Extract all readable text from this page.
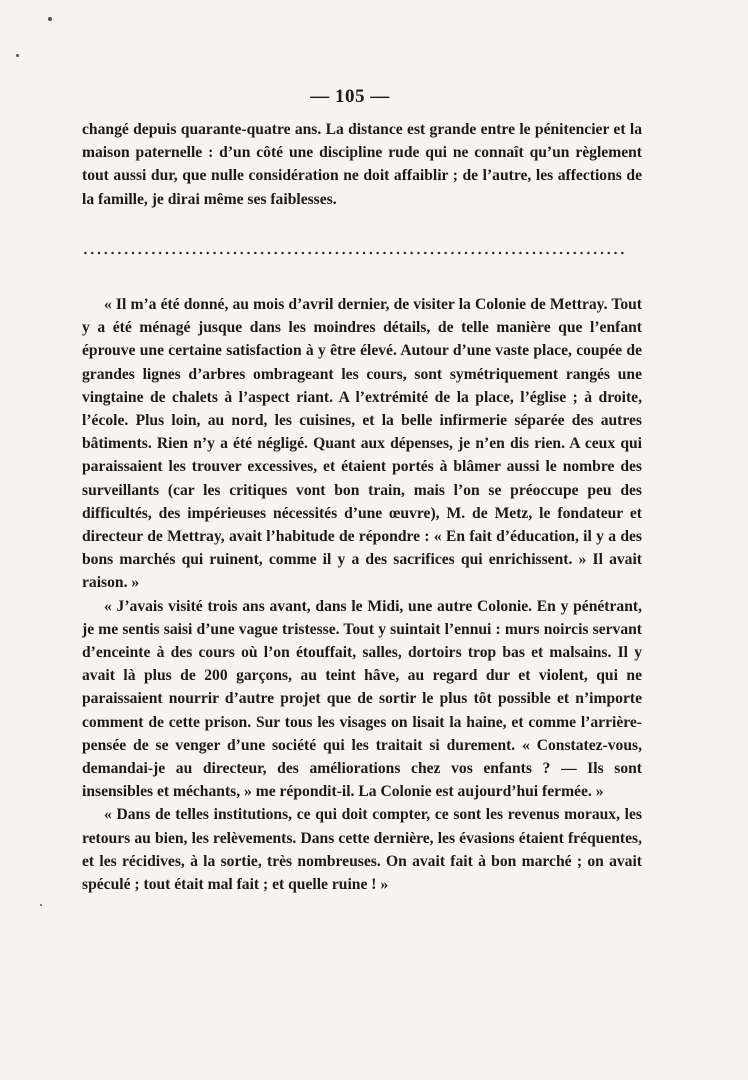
— 105 —

changé depuis quarante-quatre ans. La distance est grande entre le pénitencier et la maison paternelle : d’un côté une discipline rude qui ne connaît qu’un règlement tout aussi dur, que nulle considération ne doit affaiblir ; de l’autre, les affections de la famille, je dirai même ses faiblesses.

« Il m’a été donné, au mois d’avril dernier, de visiter la Colonie de Mettray. Tout y a été ménagé jusque dans les moindres détails, de telle manière que l’enfant éprouve une certaine satisfaction à y être élevé. Autour d’une vaste place, coupée de grandes lignes d’arbres ombrageant les cours, sont symétriquement rangés une vingtaine de chalets à l’aspect riant. A l’extrémité de la place, l’église ; à droite, l’école. Plus loin, au nord, les cuisines, et la belle infirmerie séparée des autres bâtiments. Rien n’y a été négligé. Quant aux dépenses, je n’en dis rien. A ceux qui paraissaient les trouver excessives, et étaient portés à blâmer aussi le nombre des surveillants (car les critiques vont bon train, mais l’on se préoccupe peu des difficultés, des impérieuses nécessités d’une œuvre), M. de Metz, le fondateur et directeur de Mettray, avait l’habitude de répondre : « En fait d’éducation, il y a des bons marchés qui ruinent, comme il y a des sacrifices qui enrichissent. » Il avait raison. »

« J’avais visité trois ans avant, dans le Midi, une autre Colonie. En y pénétrant, je me sentis saisi d’une vague tristesse. Tout y suintait l’ennui : murs noircis servant d’enceinte à des cours où l’on étouffait, salles, dortoirs trop bas et malsains. Il y avait là plus de 200 garçons, au teint hâve, au regard dur et violent, qui ne paraissaient nourrir d’autre projet que de sortir le plus tôt possible et n’importe comment de cette prison. Sur tous les visages on lisait la haine, et comme l’arrière-pensée de se venger d’une société qui les traitait si durement. « Constatez-vous, demandai-je au directeur, des améliorations chez vos enfants ? — Ils sont insensibles et méchants, » me répondit-il. La Colonie est aujourd’hui fermée. »

« Dans de telles institutions, ce qui doit compter, ce sont les revenus moraux, les retours au bien, les relèvements. Dans cette dernière, les évasions étaient fréquentes, et les récidives, à la sortie, très nombreuses. On avait fait à bon marché ; on avait spéculé ; tout était mal fait ; et quelle ruine ! »
